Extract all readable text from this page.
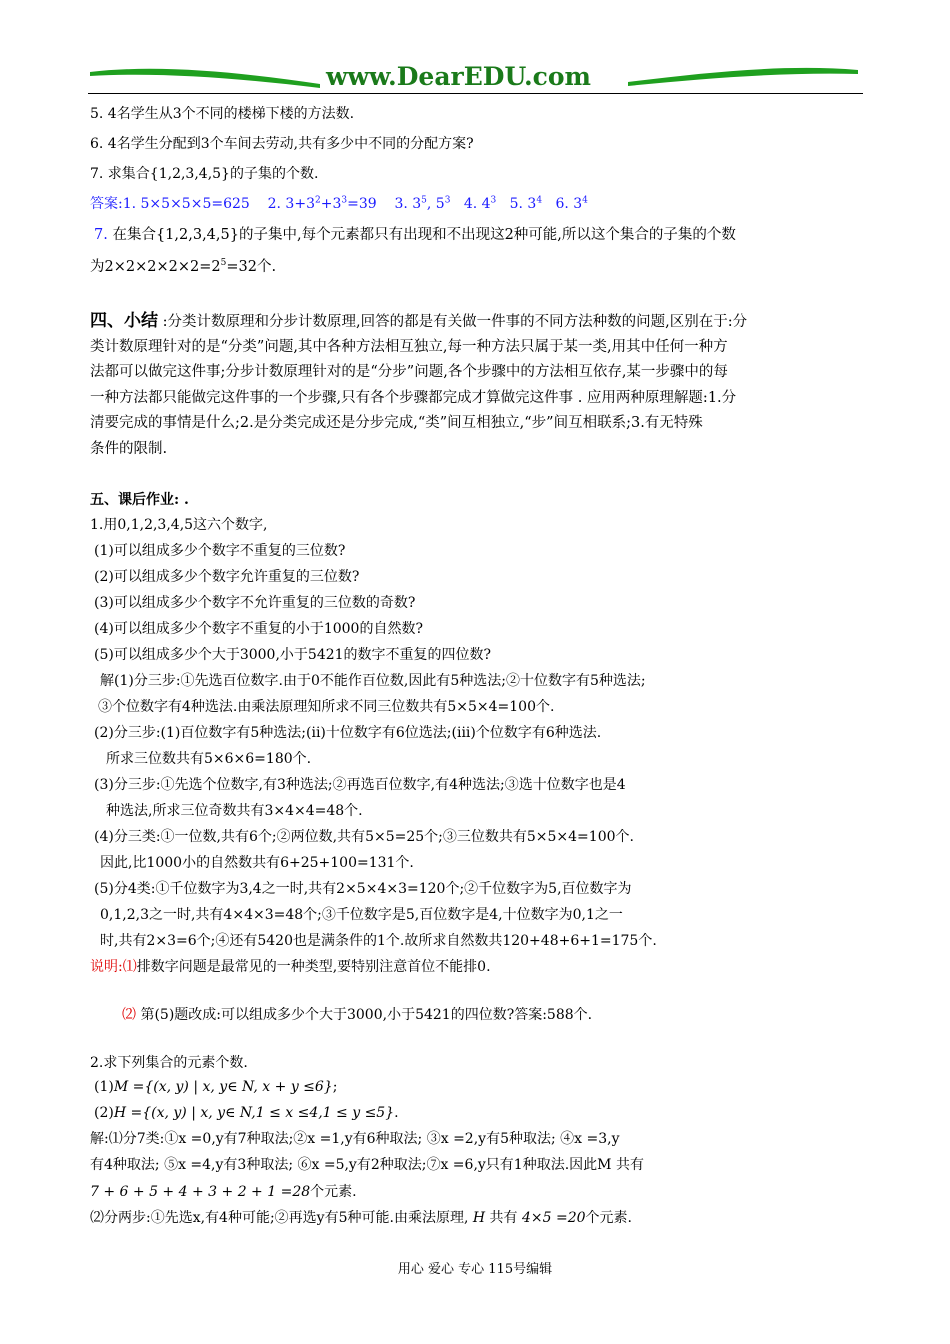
www.DearEDU.com
5. 4名学生从3个不同的楼梯下楼的方法数.
6. 4名学生分配到3个车间去劳动,共有多少中不同的分配方案?
7. 求集合{1,2,3,4,5}的子集的个数.
答案:1. 5×5×5×5=625 2. $3+3^2+3^3=39$ 3. $3^5$, $5^3$ 4. $4^3$ 5. $3^4$ 6. $3^4$
7. 在集合{1,2,3,4,5}的子集中,每个元素都只有出现和不出现这2种可能,所以这个集合的子集的个数
为$2\times 2\times 2\times 2\times 2=2^5=32$个.
四、小结 :分类计数原理和分步计数原理,回答的都是有关做一件事的不同方法种数的问题,区别在于:分
类计数原理针对的是“分类”问题,其中各种方法相互独立,每一种方法只属于某一类,用其中任何一种方
法都可以做完这件事;分步计数原理针对的是“分步”问题,各个步骤中的方法相互依存,某一步骤中的每
一种方法都只能做完这件事的一个步骤,只有各个步骤都完成才算做完这件事 . 应用两种原理解题:1.分
清要完成的事情是什么;2.是分类完成还是分步完成,“类”间互相独立,“步”间互相联系;3.有无特殊
条件的限制.
五、课后作业: .
1.用0,1,2,3,4,5这六个数字,
(1)可以组成多少个数字不重复的三位数?
(2)可以组成多少个数字允许重复的三位数?
(3)可以组成多少个数字不允许重复的三位数的奇数?
(4)可以组成多少个数字不重复的小于1000的自然数?
(5)可以组成多少个大于3000,小于5421的数字不重复的四位数?
解(1)分三步:①先选百位数字.由于0不能作百位数,因此有5种选法;②十位数字有5种选法;
③个位数字有4种选法.由乘法原理知所求不同三位数共有5×5×4=100个.
(2)分三步:(1)百位数字有5种选法;(ii)十位数字有6位选法;(iii)个位数字有6种选法.
所求三位数共有5×6×6=180个.
(3)分三步:①先选个位数字,有3种选法;②再选百位数字,有4种选法;③选十位数字也是4
种选法,所求三位奇数共有3×4×4=48个.
(4)分三类:①一位数,共有6个;②两位数,共有5×5=25个;③三位数共有5×5×4=100个.
因此,比1000小的自然数共有6+25+100=131个.
(5)分4类:①千位数字为3,4之一时,共有2×5×4×3=120个;②千位数字为5,百位数字为
0,1,2,3之一时,共有4×4×3=48个;③千位数字是5,百位数字是4,十位数字为0,1之一
时,共有2×3=6个;④还有5420也是满条件的1个.故所求自然数共120+48+6+1=175个.
说明:⑴排数字问题是最常见的一种类型,要特别注意首位不能排0.
⑵ 第(5)题改成:可以组成多少个大于3000,小于5421的四位数?答案:588个.
2.求下列集合的元素个数.
(1)M ={(x, y) | x, y∈ N, x + y ≤6};
(2)H ={(x, y) | x, y∈ N,1 ≤ x ≤4,1 ≤ y ≤5}.
解:⑴分7类:①x =0,y有7种取法;②x =1,y有6种取法; ③x =2,y有5种取法; ④x =3,y
有4种取法; ⑤x =4,y有3种取法; ⑥x =5,y有2种取法;⑦x =6,y只有1种取法.因此M 共有
7 + 6 + 5 + 4 + 3 + 2 + 1 =28个元素.
⑵分两步:①先选x,有4种可能;②再选y有5种可能.由乘法原理, H 共有 4×5 =20个元素.
用心 爱心 专心 115号编辑
